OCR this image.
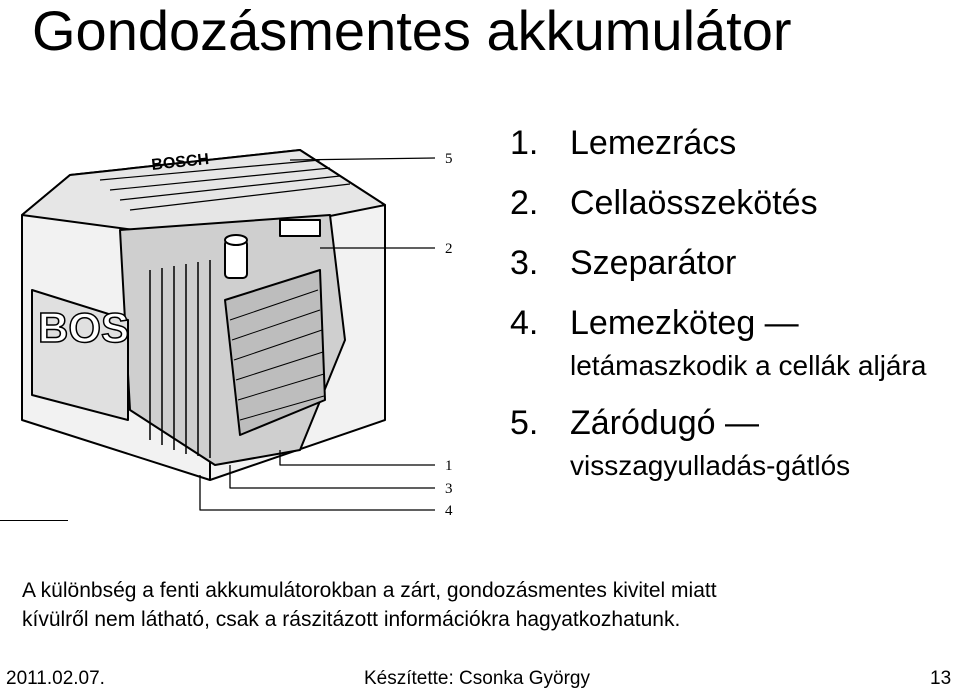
Gondozásmentes akkumulátor
BOSCH
BOS
5
2
1
3
4
1. Lemezrács
2. Cellaösszekötés
3. Szeparátor
4. Lemezköteg —
letámaszkodik a cellák aljára
5. Záródugó —
visszagyulladás-gátlós

A különbség a fenti akkumulátorokban a zárt, gondozásmentes kivitel miatt
kívülről nem látható, csak a rászitázott információkra hagyatkozhatunk.

2011.02.07.	Készítette: Csonka György	13
